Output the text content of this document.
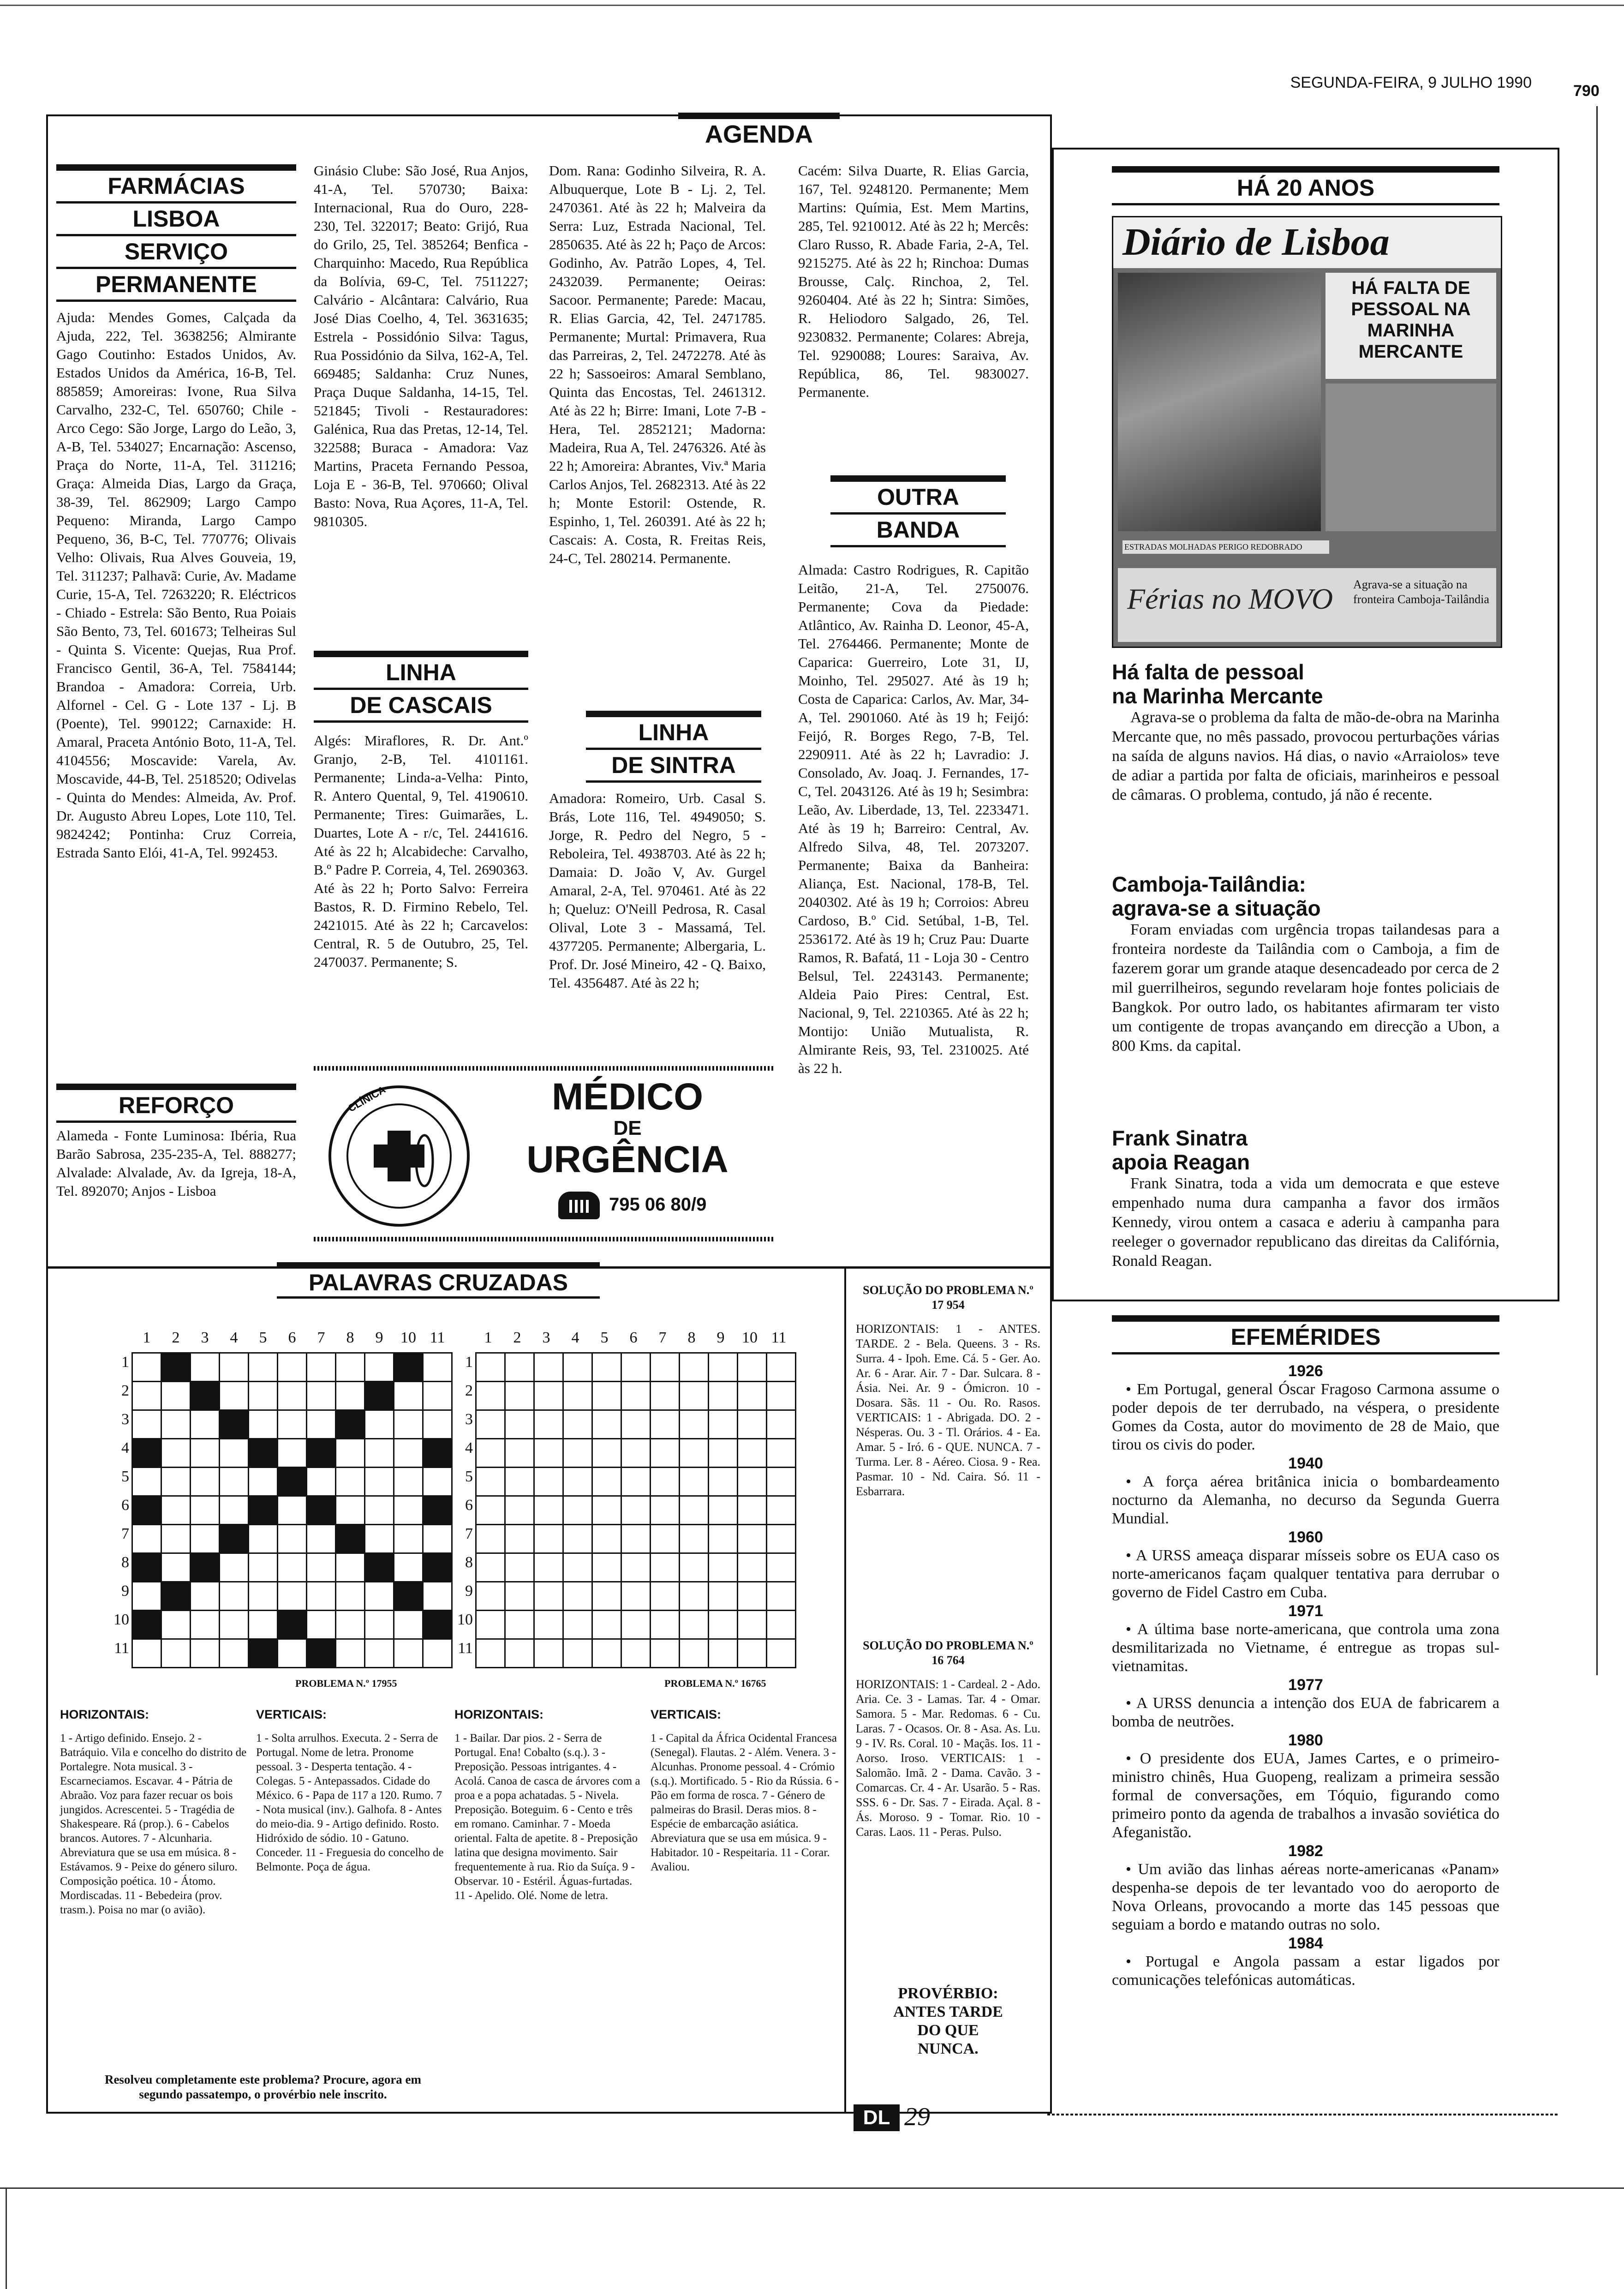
SEGUNDA-FEIRA, 9 JULHO 1990	790
AGENDA
FARMÁCIAS
LISBOA
SERVIÇO
PERMANENTE
Ajuda: Mendes Gomes, Calçada da Ajuda, 222, Tel. 3638256; Almirante Gago Coutinho: Estados Unidos, Av. Estados Unidos da América, 16-B, Tel. 885859; Amoreiras: Ivone, Rua Silva Carvalho, 232-C, Tel. 650760; Chile - Arco Cego: São Jorge, Largo do Leão, 3, A-B, Tel. 534027; Encarnação: Ascenso, Praça do Norte, 11-A, Tel. 311216; Graça: Almeida Dias, Largo da Graça, 38-39, Tel. 862909; Largo Campo Pequeno: Miranda, Largo Campo Pequeno, 36, B-C, Tel. 770776; Olivais Velho: Olivais, Rua Alves Gouveia, 19, Tel. 311237; Palhavã: Curie, Av. Madame Curie, 15-A, Tel. 7263220; R. Eléctricos - Chiado - Estrela: São Bento, Rua Poiais São Bento, 73, Tel. 601673; Telheiras Sul - Quinta S. Vicente: Quejas, Rua Prof. Francisco Gentil, 36-A, Tel. 7584144; Brandoa - Amadora: Correia, Urb. Alfornel - Cel. G - Lote 137 - Lj. B (Poente), Tel. 990122; Carnaxide: H. Amaral, Praceta António Boto, 11-A, Tel. 4104556; Moscavide: Varela, Av. Moscavide, 44-B, Tel. 2518520; Odivelas - Quinta do Mendes: Almeida, Av. Prof. Dr. Augusto Abreu Lopes, Lote 110, Tel. 9824242; Pontinha: Cruz Correia, Estrada Santo Elói, 41-A, Tel. 992453.
REFORÇO
Alameda - Fonte Luminosa: Ibéria, Rua Barão Sabrosa, 235-235-A, Tel. 888277; Alvalade: Alvalade, Av. da Igreja, 18-A, Tel. 892070; Anjos - Lisboa
Ginásio Clube: São José, Rua Anjos, 41-A, Tel. 570730; Baixa: Internacional, Rua do Ouro, 228-230, Tel. 322017; Beato: Grijó, Rua do Grilo, 25, Tel. 385264; Benfica - Charquinho: Macedo, Rua República da Bolívia, 69-C, Tel. 7511227; Calvário - Alcântara: Calvário, Rua José Dias Coelho, 4, Tel. 3631635; Estrela - Possidónio Silva: Tagus, Rua Possidónio da Silva, 162-A, Tel. 669485; Saldanha: Cruz Nunes, Praça Duque Saldanha, 14-15, Tel. 521845; Tivoli - Restauradores: Galénica, Rua das Pretas, 12-14, Tel. 322588; Buraca - Amadora: Vaz Martins, Praceta Fernando Pessoa, Loja E - 36-B, Tel. 970660; Olival Basto: Nova, Rua Açores, 11-A, Tel. 9810305.
LINHA
DE CASCAIS
Algés: Miraflores, R. Dr. Ant.º Granjo, 2-B, Tel. 4101161. Permanente; Linda-a-Velha: Pinto, R. Antero Quental, 9, Tel. 4190610. Permanente; Tires: Guimarães, L. Duartes, Lote A - r/c, Tel. 2441616. Até às 22 h; Alcabideche: Carvalho, B.º Padre P. Correia, 4, Tel. 2690363. Até às 22 h; Porto Salvo: Ferreira Bastos, R. D. Firmino Rebelo, Tel. 2421015. Até às 22 h; Carcavelos: Central, R. 5 de Outubro, 25, Tel. 2470037. Permanente; S.
Dom. Rana: Godinho Silveira, R. A. Albuquerque, Lote B - Lj. 2, Tel. 2470361. Até às 22 h; Malveira da Serra: Luz, Estrada Nacional, Tel. 2850635. Até às 22 h; Paço de Arcos: Godinho, Av. Patrão Lopes, 4, Tel. 2432039. Permanente; Oeiras: Sacoor. Permanente; Parede: Macau, R. Elias Garcia, 42, Tel. 2471785. Permanente; Murtal: Primavera, Rua das Parreiras, 2, Tel. 2472278. Até às 22 h; Sassoeiros: Amaral Semblano, Quinta das Encostas, Tel. 2461312. Até às 22 h; Birre: Imani, Lote 7-B - Hera, Tel. 2852121; Madorna: Madeira, Rua A, Tel. 2476326. Até às 22 h; Amoreira: Abrantes, Viv.ª Maria Carlos Anjos, Tel. 2682313. Até às 22 h; Monte Estoril: Ostende, R. Espinho, 1, Tel. 260391. Até às 22 h; Cascais: A. Costa, R. Freitas Reis, 24-C, Tel. 280214. Permanente.
LINHA
DE SINTRA
Amadora: Romeiro, Urb. Casal S. Brás, Lote 116, Tel. 4949050; S. Jorge, R. Pedro del Negro, 5 - Reboleira, Tel. 4938703. Até às 22 h; Damaia: D. João V, Av. Gurgel Amaral, 2-A, Tel. 970461. Até às 22 h; Queluz: O'Neill Pedrosa, R. Casal Olival, Lote 3 - Massamá, Tel. 4377205. Permanente; Albergaria, L. Prof. Dr. José Mineiro, 42 - Q. Baixo, Tel. 4356487. Até às 22 h;
Cacém: Silva Duarte, R. Elias Garcia, 167, Tel. 9248120. Permanente; Mem Martins: Químia, Est. Mem Martins, 285, Tel. 9210012. Até às 22 h; Mercês: Claro Russo, R. Abade Faria, 2-A, Tel. 9215275. Até às 22 h; Rinchoa: Dumas Brousse, Calç. Rinchoa, 2, Tel. 9260404. Até às 22 h; Sintra: Simões, R. Heliodoro Salgado, 26, Tel. 9230832. Permanente; Colares: Abreja, Tel. 9290088; Loures: Saraiva, Av. República, 86, Tel. 9830027. Permanente.
OUTRA
BANDA
Almada: Castro Rodrigues, R. Capitão Leitão, 21-A, Tel. 2750076. Permanente; Cova da Piedade: Atlântico, Av. Rainha D. Leonor, 45-A, Tel. 2764466. Permanente; Monte de Caparica: Guerreiro, Lote 31, IJ, Moinho, Tel. 295027. Até às 19 h; Costa de Caparica: Carlos, Av. Mar, 34-A, Tel. 2901060. Até às 19 h; Feijó: Feijó, R. Borges Rego, 7-B, Tel. 2290911. Até às 22 h; Lavradio: J. Consolado, Av. Joaq. J. Fernandes, 17-C, Tel. 2043126. Até às 19 h; Sesimbra: Leão, Av. Liberdade, 13, Tel. 2233471. Até às 19 h; Barreiro: Central, Av. Alfredo Silva, 48, Tel. 2073207. Permanente; Baixa da Banheira: Aliança, Est. Nacional, 178-B, Tel. 2040302. Até às 19 h; Corroios: Abreu Cardoso, B.º Cid. Setúbal, 1-B, Tel. 2536172. Até às 19 h; Cruz Pau: Duarte Ramos, R. Bafatá, 11 - Loja 30 - Centro Belsul, Tel. 2243143. Permanente; Aldeia Paio Pires: Central, Est. Nacional, 9, Tel. 2210365. Até às 22 h; Montijo: União Mutualista, R. Almirante Reis, 93, Tel. 2310025. Até às 22 h.
CLÍNICA	MÉDICO
DE
URGÊNCIA
795 06 80/9
HÁ 20 ANOS
Diário de Lisboa
HÁ FALTA DE PESSOAL NA MARINHA MERCANTE
ESTRADAS MOLHADAS PERIGO REDOBRADO
Férias no MOVO	Agrava-se a situação na fronteira Camboja-Tailândia
Há falta de pessoal
na Marinha Mercante
Agrava-se o problema da falta de mão-de-obra na Marinha Mercante que, no mês passado, provocou perturbações várias na saída de alguns navios. Há dias, o navio «Arraiolos» teve de adiar a partida por falta de oficiais, marinheiros e pessoal de câmaras. O problema, contudo, já não é recente.
Camboja-Tailândia:
agrava-se a situação
Foram enviadas com urgência tropas tailandesas para a fronteira nordeste da Tailândia com o Camboja, a fim de fazerem gorar um grande ataque desencadeado por cerca de 2 mil guerrilheiros, segundo revelaram hoje fontes policiais de Bangkok. Por outro lado, os habitantes afirmaram ter visto um contigente de tropas avançando em direcção a Ubon, a 800 Kms. da capital.
Frank Sinatra
apoia Reagan
Frank Sinatra, toda a vida um democrata e que esteve empenhado numa dura campanha a favor dos irmãos Kennedy, virou ontem a casaca e aderiu à campanha para reeleger o governador republicano das direitas da Califórnia, Ronald Reagan.
EFEMÉRIDES
1926
• Em Portugal, general Óscar Fragoso Carmona assume o poder depois de ter derrubado, na véspera, o presidente Gomes da Costa, autor do movimento de 28 de Maio, que tirou os civis do poder.
1940
• A força aérea britânica inicia o bombardeamento nocturno da Alemanha, no decurso da Segunda Guerra Mundial.
1960
• A URSS ameaça disparar mísseis sobre os EUA caso os norte-americanos façam qualquer tentativa para derrubar o governo de Fidel Castro em Cuba.
1971
• A última base norte-americana, que controla uma zona desmilitarizada no Vietname, é entregue as tropas sul-vietnamitas.
1977
• A URSS denuncia a intenção dos EUA de fabricarem a bomba de neutrões.
1980
• O presidente dos EUA, James Cartes, e o primeiro-ministro chinês, Hua Guopeng, realizam a primeira sessão formal de conversações, em Tóquio, figurando como primeiro ponto da agenda de trabalhos a invasão soviética do Afeganistão.
1982
• Um avião das linhas aéreas norte-americanas «Panam» despenha-se depois de ter levantado voo do aeroporto de Nova Orleans, provocando a morte das 145 pessoas que seguiam a bordo e matando outras no solo.
1984
• Portugal e Angola passam a estar ligados por comunicações telefónicas automáticas.
PALAVRAS CRUZADAS
1	2	3	4	5	6	7	8	9	10 11	1	2	3	4	5	6	7	8	9	10 11
1
2
3
4
5
6
7
8
9
10
11
1
2
3
4
5
6
7
8
9
10
11

PROBLEMA N.º 17955	PROBLEMA N.º 16765
HORIZONTAIS:
1 - Artigo definido. Ensejo. 2 - Batráquio. Vila e concelho do distrito de Portalegre. Nota musical. 3 - Escarneciamos. Escavar. 4 - Pátria de Abraão. Voz para fazer recuar os bois jungidos. Acrescentei. 5 - Tragédia de Shakespeare. Rá (prop.). 6 - Cabelos brancos. Autores. 7 - Alcunharia. Abreviatura que se usa em música. 8 - Estávamos. 9 - Peixe do género siluro. Composição poética. 10 - Átomo. Mordiscadas. 11 - Bebedeira (prov. trasm.). Poisa no mar (o avião).
VERTICAIS:
1 - Solta arrulhos. Executa. 2 - Serra de Portugal. Nome de letra. Pronome pessoal. 3 - Desperta tentação. 4 - Colegas. 5 - Antepassados. Cidade do México. 6 - Papa de 117 a 120. Rumo. 7 - Nota musical (inv.). Galhofa. 8 - Antes do meio-dia. 9 - Artigo definido. Rosto. Hidróxido de sódio. 10 - Gatuno. Conceder. 11 - Freguesia do concelho de Belmonte. Poça de água.
HORIZONTAIS:
1 - Bailar. Dar pios. 2 - Serra de Portugal. Ena! Cobalto (s.q.). 3 - Preposição. Pessoas intrigantes. 4 - Acolá. Canoa de casca de árvores com a proa e a popa achatadas. 5 - Nivela. Preposição. Boteguim. 6 - Cento e três em romano. Caminhar. 7 - Moeda oriental. Falta de apetite. 8 - Preposição latina que designa movimento. Sair frequentemente à rua. Rio da Suíça. 9 - Observar. 10 - Estéril. Águas-furtadas. 11 - Apelido. Olé. Nome de letra.
VERTICAIS:
1 - Capital da África Ocidental Francesa (Senegal). Flautas. 2 - Além. Venera. 3 - Alcunhas. Pronome pessoal. 4 - Crómio (s.q.). Mortificado. 5 - Rio da Rússia. 6 - Pão em forma de rosca. 7 - Género de palmeiras do Brasil. Deras mios. 8 - Espécie de embarcação asiática. Abreviatura que se usa em música. 9 - Habitador. 10 - Respeitaria. 11 - Corar. Avaliou.
Resolveu completamente este problema? Procure, agora em segundo passatempo, o provérbio nele inscrito.
SOLUÇÃO DO PROBLEMA N.º 17 954
HORIZONTAIS: 1 - ANTES. TARDE. 2 - Bela. Queens. 3 - Rs. Surra. 4 - Ipoh. Eme. Cá. 5 - Ger. Ao. Ar. 6 - Arar. Air. 7 - Dar. Sulcara. 8 - Ásia. Nei. Ar. 9 - Ómicron. 10 - Dosara. Sãs. 11 - Ou. Ro. Rasos. VERTICAIS: 1 - Abrigada. DO. 2 - Nésperas. Ou. 3 - Tl. Orários. 4 - Ea. Amar. 5 - Iró. 6 - QUE. NUNCA. 7 - Turma. Ler. 8 - Aéreo. Ciosa. 9 - Rea. Pasmar. 10 - Nd. Caira. Só. 11 - Esbarrara.
SOLUÇÃO DO PROBLEMA N.º 16 764
HORIZONTAIS: 1 - Cardeal. 2 - Ado. Aria. Ce. 3 - Lamas. Tar. 4 - Omar. Samora. 5 - Mar. Redomas. 6 - Cu. Laras. 7 - Ocasos. Or. 8 - Asa. As. Lu. 9 - IV. Rs. Coral. 10 - Maçãs. Ios. 11 - Aorso. Iroso. VERTICAIS: 1 - Salomão. Imã. 2 - Dama. Cavão. 3 - Comarcas. Cr. 4 - Ar. Usarão. 5 - Ras. SSS. 6 - Dr. Sas. 7 - Eirada. Açal. 8 - Ás. Moroso. 9 - Tomar. Rio. 10 - Caras. Laos. 11 - Peras. Pulso.
PROVÉRBIO:
ANTES TARDE
DO QUE
NUNCA.
DL 29
